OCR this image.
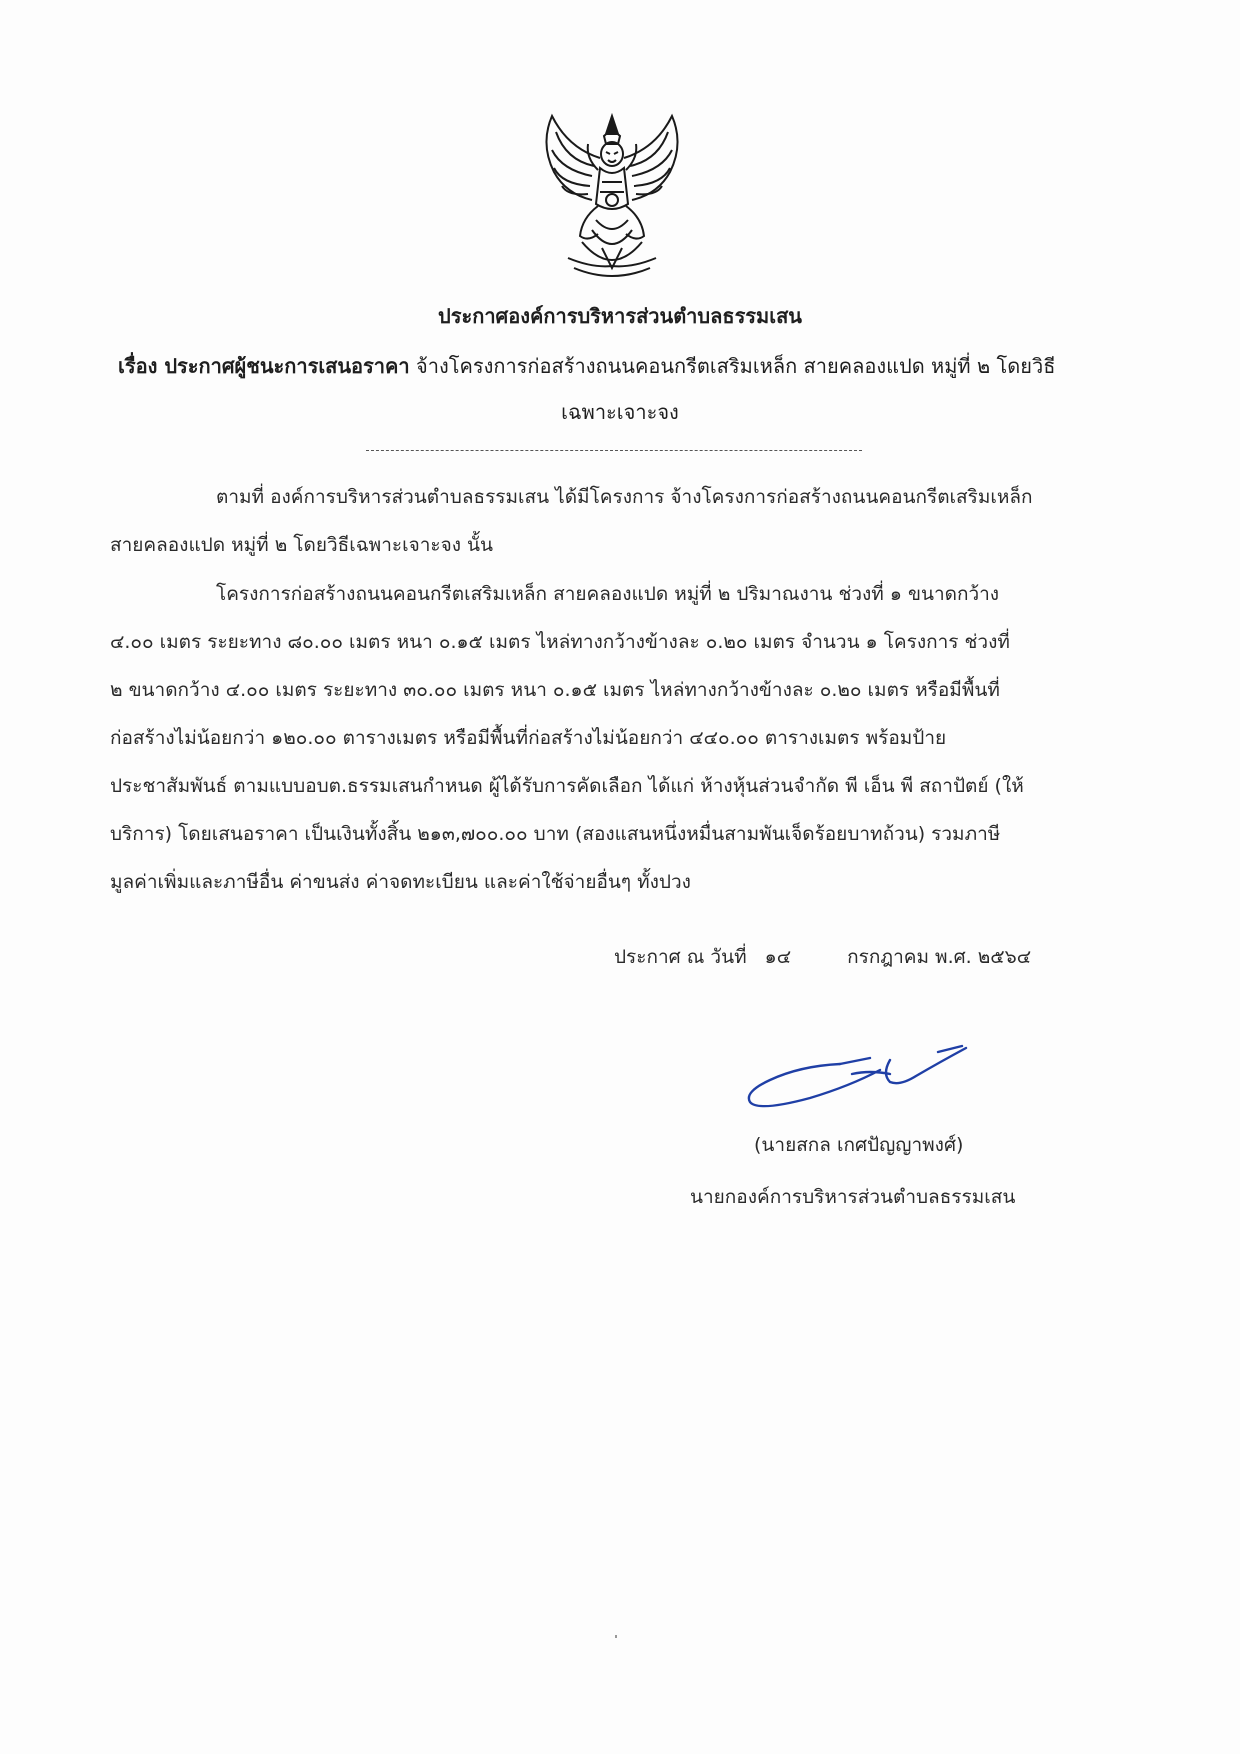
ประกาศองค์การบริหารส่วนตำบลธรรมเสน
เรื่อง ประกาศผู้ชนะการเสนอราคา จ้างโครงการก่อสร้างถนนคอนกรีตเสริมเหล็ก สายคลองแปด หมู่ที่ ๒ โดยวิธี
เฉพาะเจาะจง
ตามที่ องค์การบริหารส่วนตำบลธรรมเสน ได้มีโครงการ จ้างโครงการก่อสร้างถนนคอนกรีตเสริมเหล็ก
สายคลองแปด หมู่ที่ ๒ โดยวิธีเฉพาะเจาะจง นั้น
โครงการก่อสร้างถนนคอนกรีตเสริมเหล็ก สายคลองแปด หมู่ที่ ๒ ปริมาณงาน ช่วงที่ ๑ ขนาดกว้าง
๔.๐๐ เมตร ระยะทาง ๘๐.๐๐ เมตร หนา ๐.๑๕ เมตร ไหล่ทางกว้างข้างละ ๐.๒๐ เมตร จำนวน ๑ โครงการ ช่วงที่
๒ ขนาดกว้าง ๔.๐๐ เมตร ระยะทาง ๓๐.๐๐ เมตร หนา ๐.๑๕ เมตร ไหล่ทางกว้างข้างละ ๐.๒๐ เมตร หรือมีพื้นที่
ก่อสร้างไม่น้อยกว่า ๑๒๐.๐๐ ตารางเมตร หรือมีพื้นที่ก่อสร้างไม่น้อยกว่า ๔๔๐.๐๐ ตารางเมตร พร้อมป้าย
ประชาสัมพันธ์ ตามแบบอบต.ธรรมเสนกำหนด ผู้ได้รับการคัดเลือก ได้แก่ ห้างหุ้นส่วนจำกัด พี เอ็น พี สถาปัตย์ (ให้
บริการ) โดยเสนอราคา เป็นเงินทั้งสิ้น ๒๑๓,๗๐๐.๐๐ บาท (สองแสนหนึ่งหมื่นสามพันเจ็ดร้อยบาทถ้วน) รวมภาษี
มูลค่าเพิ่มและภาษีอื่น ค่าขนส่ง ค่าจดทะเบียน และค่าใช้จ่ายอื่นๆ ทั้งปวง
ประกาศ ณ วันที่ ๑๔	กรกฎาคม พ.ศ. ๒๕๖๔
(นายสกล เกศปัญญาพงศ์)
นายกองค์การบริหารส่วนตำบลธรรมเสน
